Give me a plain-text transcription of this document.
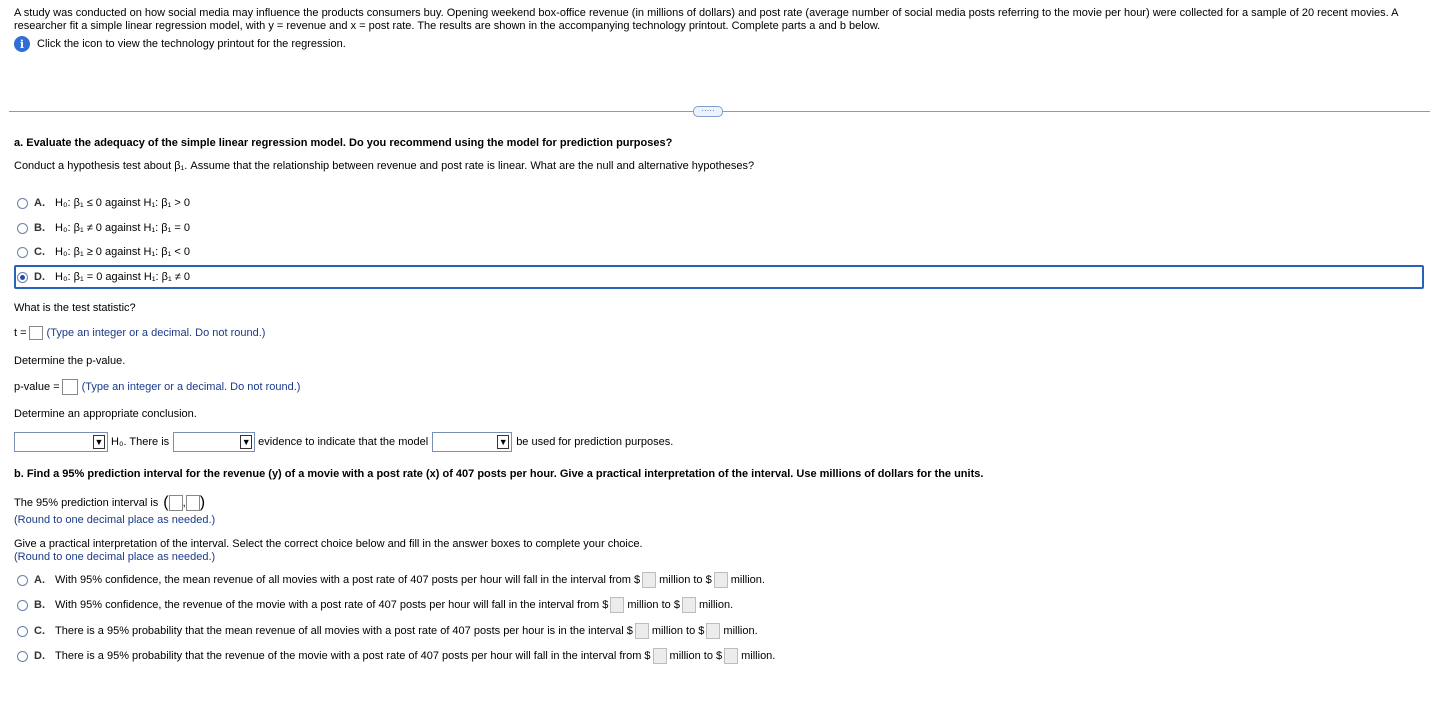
A study was conducted on how social media may influence the products consumers buy. Opening weekend box-office revenue (in millions of dollars) and post rate (average number of social media posts referring to the movie per hour) were collected for a sample of 20 recent movies. A researcher fit a simple linear regression model, with y = revenue and x = post rate. The results are shown in the accompanying technology printout. Complete parts a and b below.
i	Click the icon to view the technology printout for the regression.
·····
a. Evaluate the adequacy of the simple linear regression model. Do you recommend using the model for prediction purposes?
Conduct a hypothesis test about β₁. Assume that the relationship between revenue and post rate is linear. What are the null and alternative hypotheses?
A. H₀: β₁ ≤ 0 against H₁: β₁ > 0
B. H₀: β₁ ≠ 0 against H₁: β₁ = 0
C. H₀: β₁ ≥ 0 against H₁: β₁ < 0
D. H₀: β₁ = 0 against H₁: β₁ ≠ 0
What is the test statistic?
t = (Type an integer or a decimal. Do not round.)
Determine the p-value.
p-value = (Type an integer or a decimal. Do not round.)
Determine an appropriate conclusion.
▼ H₀. There is	▼ evidence to indicate that the model	▼ be used for prediction purposes.
b. Find a 95% prediction interval for the revenue (y) of a movie with a post rate (x) of 407 posts per hour. Give a practical interpretation of the interval. Use millions of dollars for the units.
The 95% prediction interval is ( , )
(Round to one decimal place as needed.)
Give a practical interpretation of the interval. Select the correct choice below and fill in the answer boxes to complete your choice.
(Round to one decimal place as needed.)
A. With 95% confidence, the mean revenue of all movies with a post rate of 407 posts per hour will fall in the interval from $ million to $ million.
B. With 95% confidence, the revenue of the movie with a post rate of 407 posts per hour will fall in the interval from $ million to $ million.
C. There is a 95% probability that the mean revenue of all movies with a post rate of 407 posts per hour is in the interval $ million to $ million.
D. There is a 95% probability that the revenue of the movie with a post rate of 407 posts per hour will fall in the interval from $ million to $ million.
